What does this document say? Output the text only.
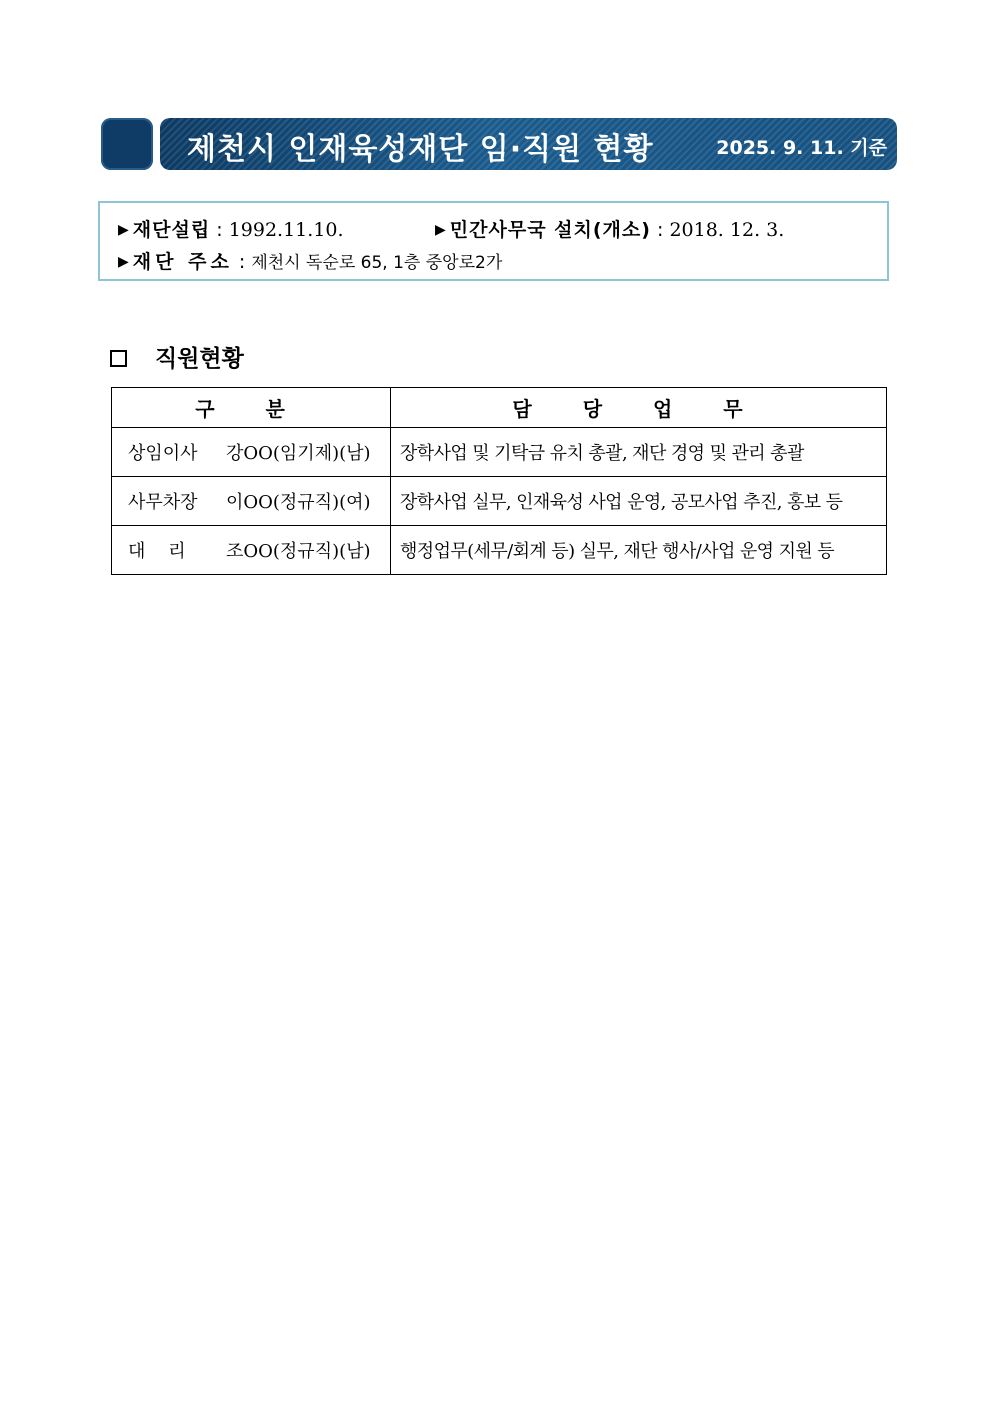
제천시 인재육성재단 임·직원 현황	2025. 9. 11. 기준
▶ 재단설립 : 1992.11.10.	▶ 민간사무국 설치(개소) : 2018. 12. 3.
▶ 재단 주소 : 제천시 독순로 65, 1층 중앙로2가
직원현황
구 분	담 당 업 무
상임이사 강OO(임기제)(남)	장학사업 및 기탁금 유치 총괄, 재단 경영 및 관리 총괄
사무차장 이OO(정규직)(여)	장학사업 실무, 인재육성 사업 운영, 공모사업 추진, 홍보 등
대    리 조OO(정규직)(남)	행정업무(세무/회계 등) 실무, 재단 행사/사업 운영 지원 등
